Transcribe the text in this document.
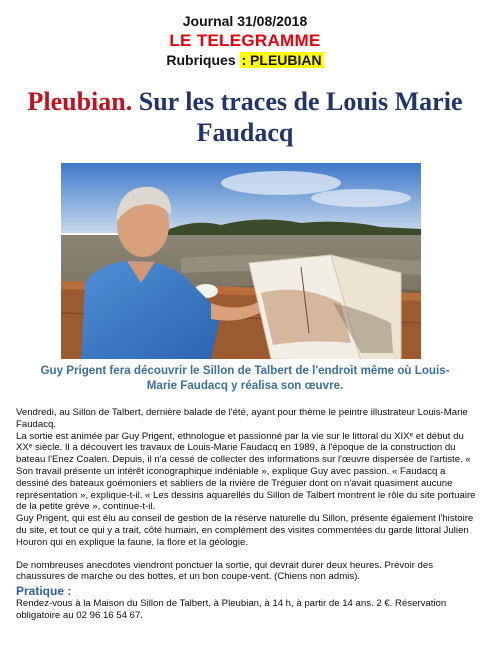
Journal 31/08/2018
LE TELEGRAMME
Rubriques : PLEUBIAN
Pleubian. Sur les traces de Louis Marie Faudacq
Guy Prigent fera découvrir le Sillon de Talbert de l'endroit même où Louis-Marie Faudacq y réalisa son œuvre.

Vendredi, au Sillon de Talbert, dernière balade de l'été, ayant pour thème le peintre illustrateur Louis-Marie Faudacq.

La sortie est animée par Guy Prigent, ethnologue et passionné par la vie sur le littoral du XIXᵉ et début du XXᵉ siècle. Il a découvert les travaux de Louis-Marie Faudacq en 1989, à l'époque de la construction du bateau l'Enez Coalen. Depuis, il n'a cessé de collecter des informations sur l'œuvre dispersée de l'artiste. « Son travail présente un intérêt iconographique indéniable », explique Guy avec passion. « Faudacq a dessiné des bateaux goémoniers et sabliers de la rivière de Tréguier dont on n'avait quasiment aucune représentation », explique-t-il. « Les dessins aquarellés du Sillon de Talbert montrent le rôle du site portuaire de la petite grève », continue-t-il.

Guy Prigent, qui est élu au conseil de gestion de la réserve naturelle du Sillon, présente également l'histoire du site, et tout ce qui y a trait, côté humain, en complément des visites commentées du garde littoral Julien Houron qui en explique la faune, la flore et la géologie.

De nombreuses anecdotes viendront ponctuer la sortie, qui devrait durer deux heures. Prévoir des chaussures de marche ou des bottes, et un bon coupe-vent. (Chiens non admis).

Pratique :

Rendez-vous à la Maison du Sillon de Talbert, à Pleubian, à 14 h, à partir de 14 ans. 2 €. Réservation obligatoire au 02 96 16 54 67.
